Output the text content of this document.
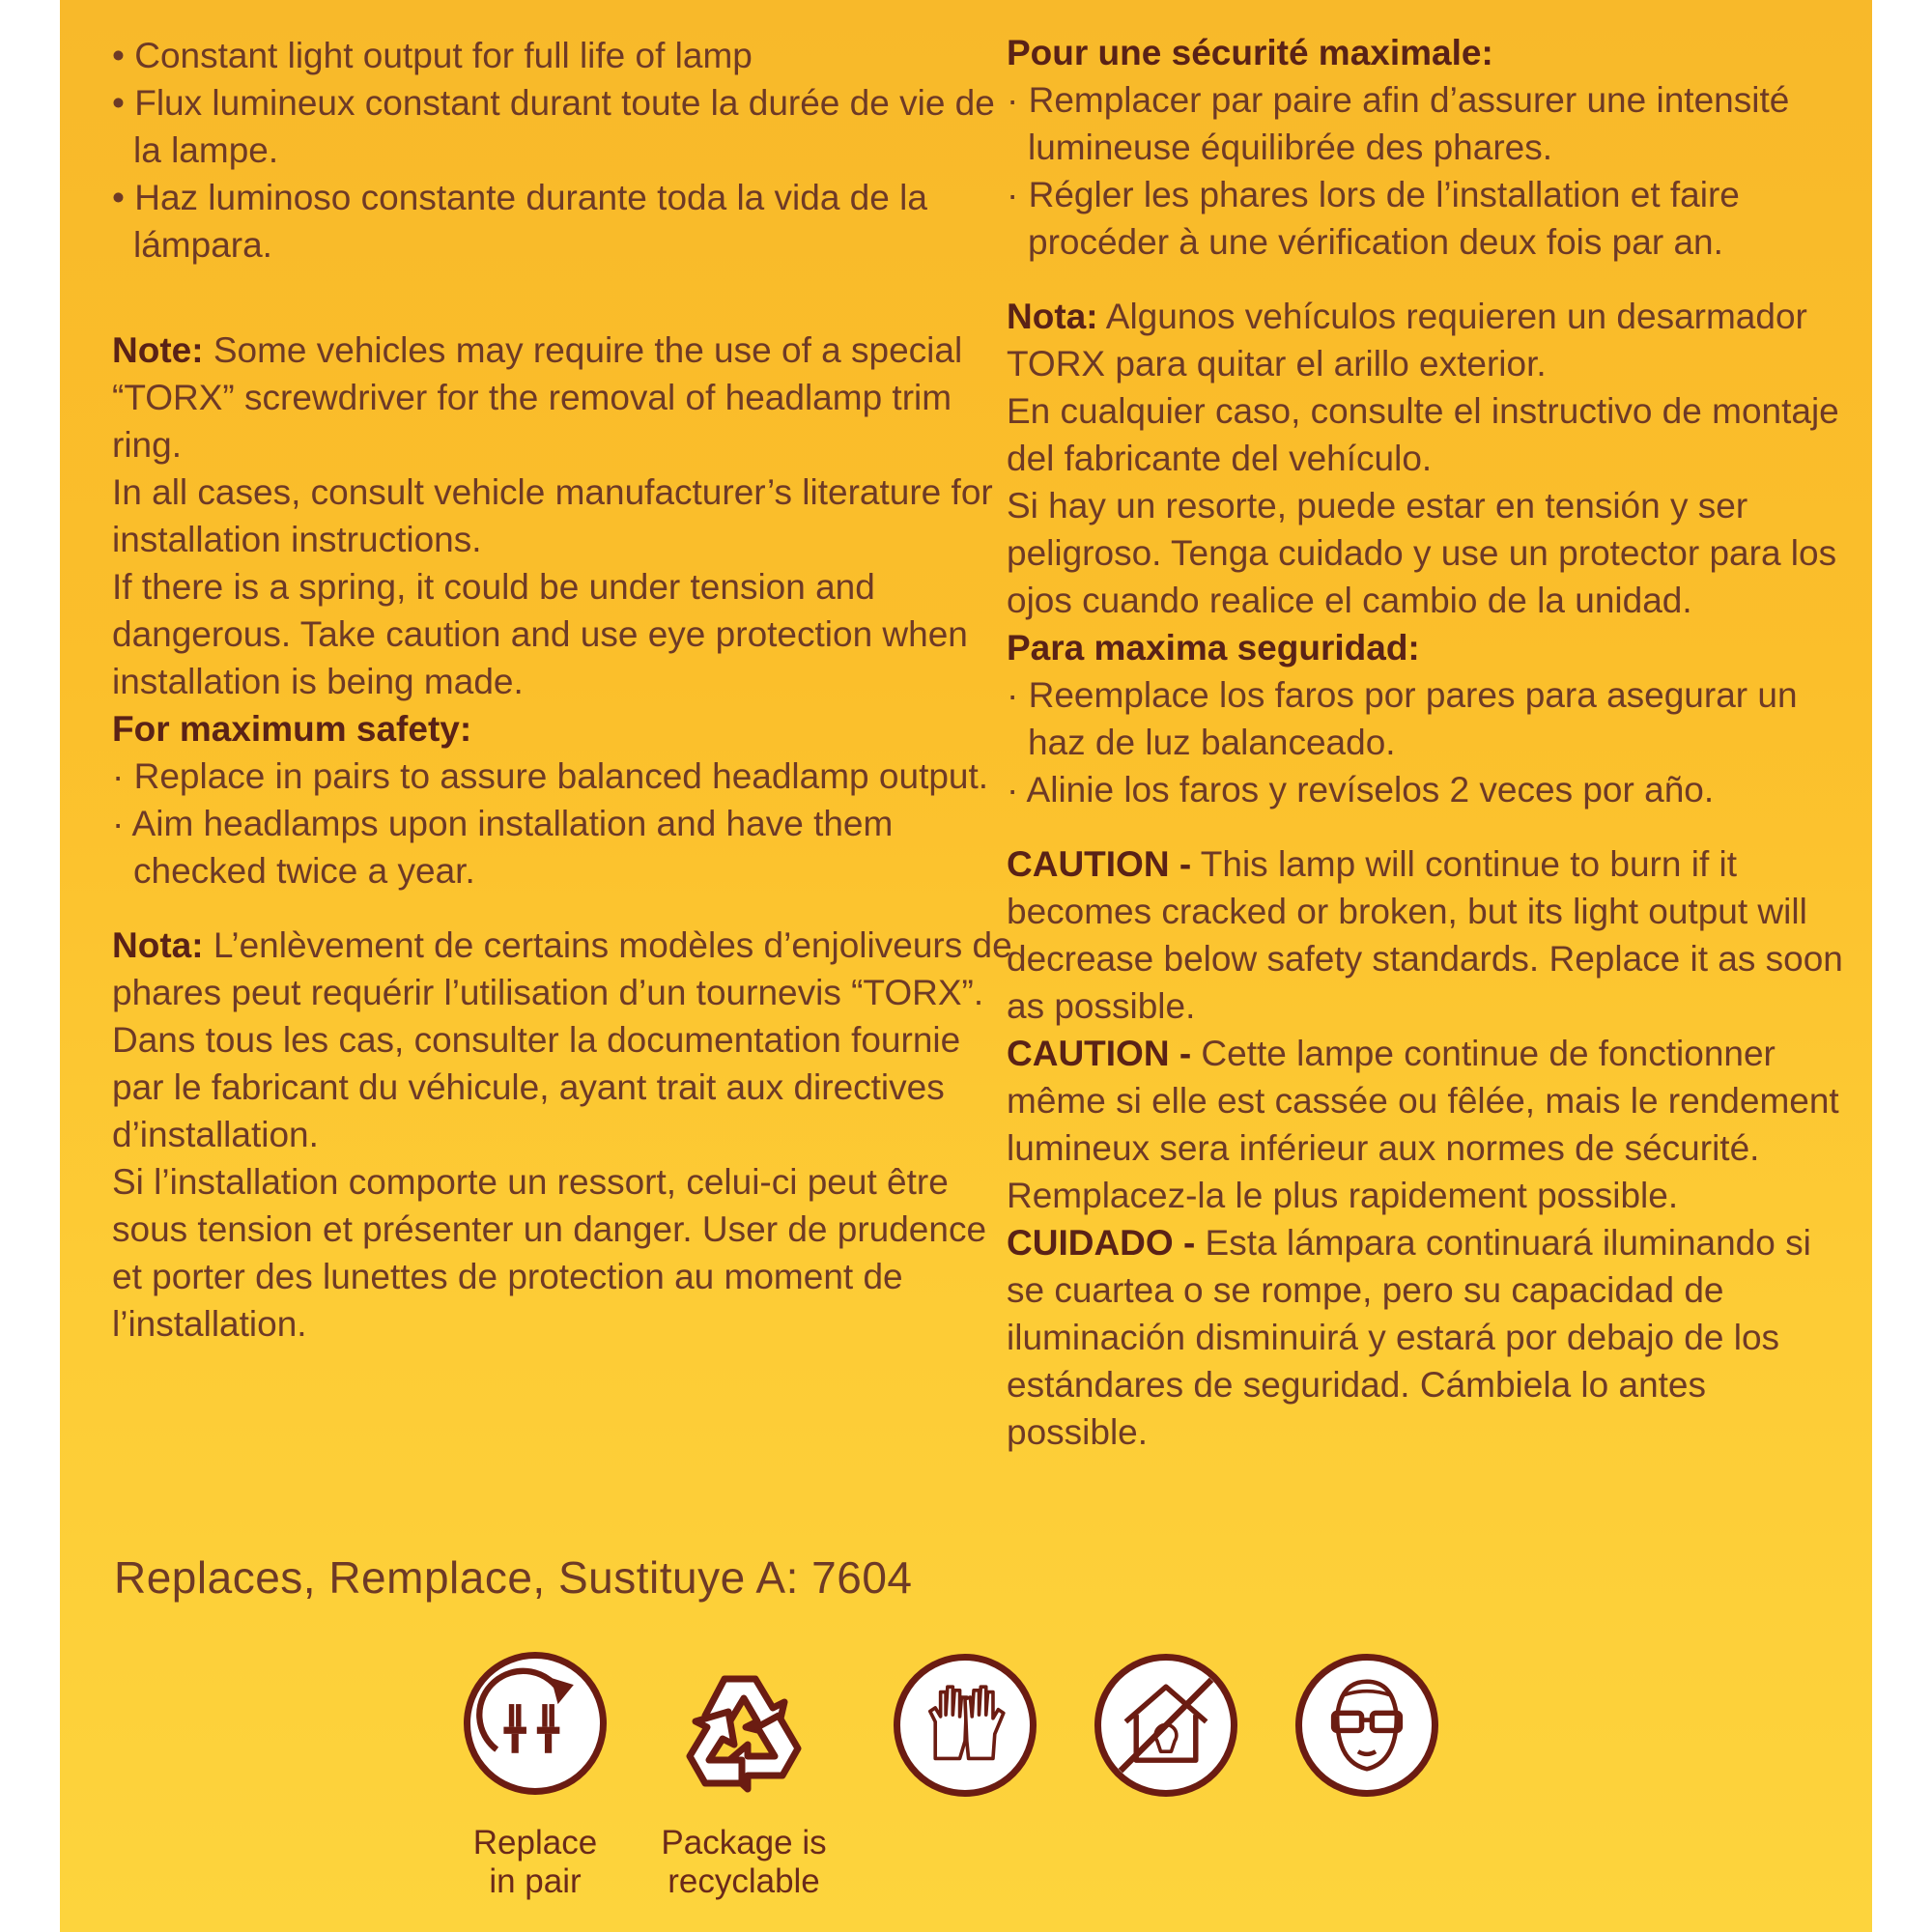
• Constant light output for full life of lamp

• Flux lumineux constant durant toute la durée de vie de la lampe.

• Haz luminoso constante durante toda la vida de la lámpara.

Note: Some vehicles may require the use of a special “TORX” screwdriver for the removal of headlamp trim ring.

In all cases, consult vehicle manufacturer’s literature for installation instructions.

If there is a spring, it could be under tension and dangerous. Take caution and use eye protection when installation is being made.

For maximum safety:

· Replace in pairs to assure balanced headlamp output.

· Aim headlamps upon installation and have them checked twice a year.

Nota: L’enlèvement de certains modèles d’enjoliveurs de phares peut requérir l’utilisation d’un tournevis “TORX”.

Dans tous les cas, consulter la documentation fournie par le fabricant du véhicule, ayant trait aux directives d’installation.

Si l’installation comporte un ressort, celui-ci peut être sous tension et présenter un danger. User de prudence et porter des lunettes de protection au moment de l’installation.

Pour une sécurité maximale:

· Remplacer par paire afin d’assurer une intensité lumineuse équilibrée des phares.

· Régler les phares lors de l’installation et faire procéder à une vérification deux fois par an.

Nota: Algunos vehículos requieren un desarmador TORX para quitar el arillo exterior.

En cualquier caso, consulte el instructivo de montaje del fabricante del vehículo.

Si hay un resorte, puede estar en tensión y ser peligroso. Tenga cuidado y use un protector para los ojos cuando realice el cambio de la unidad.

Para maxima seguridad:

· Reemplace los faros por pares para asegurar un haz de luz balanceado.

· Alinie los faros y revíselos 2 veces por año.

CAUTION - This lamp will continue to burn if it becomes cracked or broken, but its light output will decrease below safety standards. Replace it as soon as possible.

CAUTION - Cette lampe continue de fonctionner même si elle est cassée ou fêlée, mais le rendement lumineux sera inférieur aux normes de sécurité. Remplacez-la le plus rapidement possible.

CUIDADO - Esta lámpara continuará iluminando si se cuartea o se rompe, pero su capacidad de iluminación disminuirá y estará por debajo de los estándares de seguridad. Cámbiela lo antes possible.

Replaces, Remplace, Sustituye A: 7604
Replace
in pair
Package is
recyclable
